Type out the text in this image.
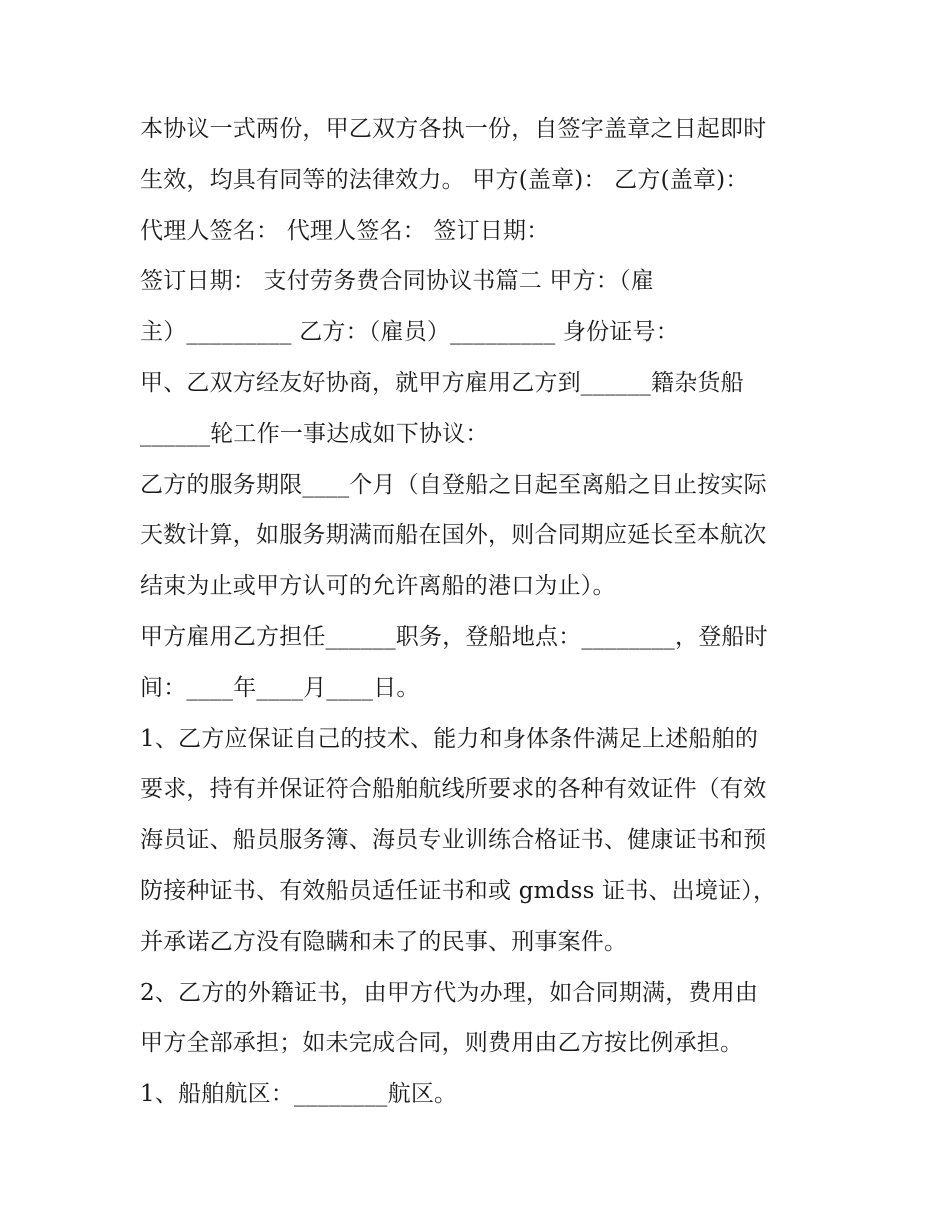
本协议一式两份，甲乙双方各执一份，自签字盖章之日起即时
生效，均具有同等的法律效力。 甲方(盖章)： 乙方(盖章)：
代理人签名： 代理人签名： 签订日期：
签订日期： 支付劳务费合同协议书篇二 甲方：（雇
主）_________ 乙方：（雇员）_________ 身份证号：
甲、乙双方经友好协商，就甲方雇用乙方到______籍杂货船
______轮工作一事达成如下协议：
乙方的服务期限____个月（自登船之日起至离船之日止按实际
天数计算，如服务期满而船在国外，则合同期应延长至本航次
结束为止或甲方认可的允许离船的港口为止）。
甲方雇用乙方担任______职务，登船地点：________，登船时
间：____年____月____日。
1、乙方应保证自己的技术、能力和身体条件满足上述船舶的
要求，持有并保证符合船舶航线所要求的各种有效证件（有效
海员证、船员服务簿、海员专业训练合格证书、健康证书和预
防接种证书、有效船员适任证书和或 gmdss 证书、出境证），
并承诺乙方没有隐瞒和未了的民事、刑事案件。
2、乙方的外籍证书，由甲方代为办理，如合同期满，费用由
甲方全部承担；如未完成合同，则费用由乙方按比例承担。
1、船舶航区：________航区。
